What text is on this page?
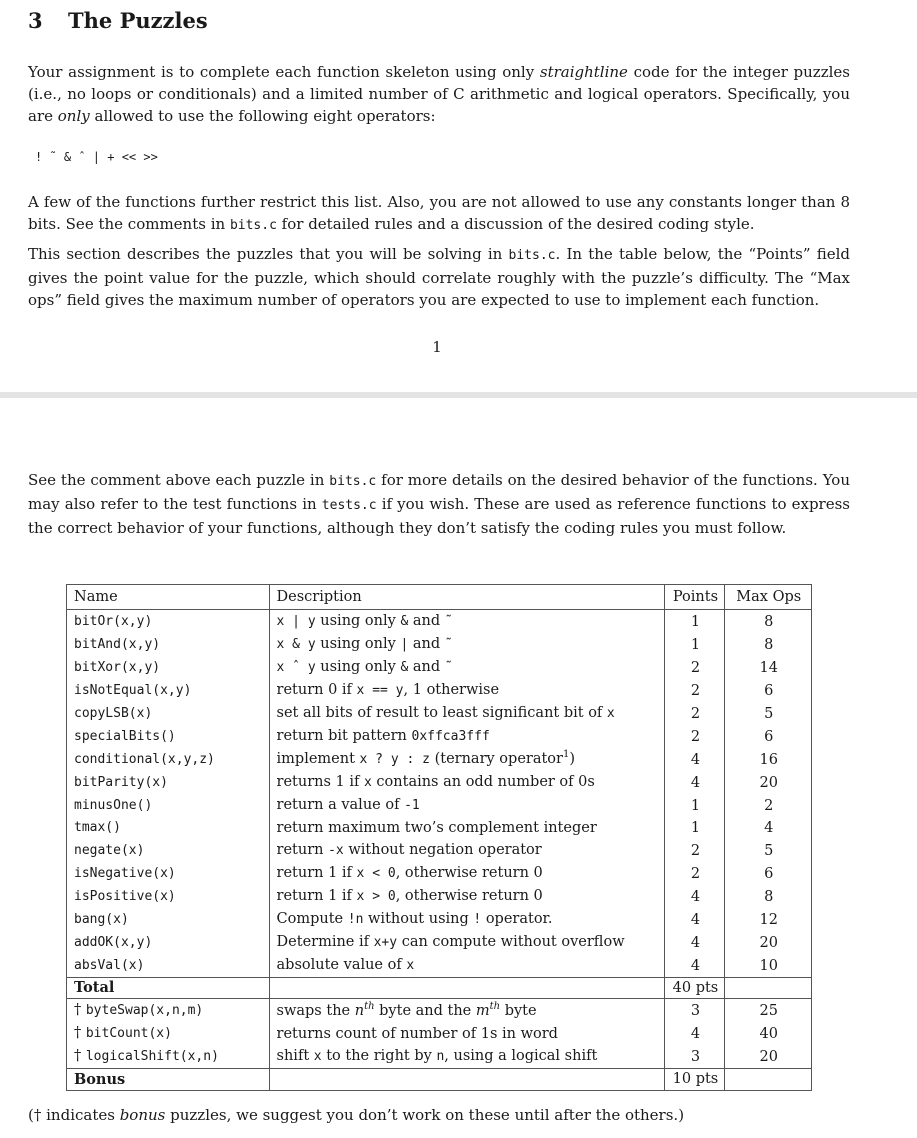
3 The Puzzles

Your assignment is to complete each function skeleton using only straightline code for the integer puzzles (i.e., no loops or conditionals) and a limited number of C arithmetic and logical operators. Specifically, you are only allowed to use the following eight operators:

! ˜ & ˆ | + << >>

A few of the functions further restrict this list. Also, you are not allowed to use any constants longer than 8 bits. See the comments in bits.c for detailed rules and a discussion of the desired coding style.

This section describes the puzzles that you will be solving in bits.c. In the table below, the “Points” field gives the point value for the puzzle, which should correlate roughly with the puzzle’s difficulty. The “Max ops” field gives the maximum number of operators you are expected to use to implement each function.

1

See the comment above each puzzle in bits.c for more details on the desired behavior of the functions. You may also refer to the test functions in tests.c if you wish. These are used as reference functions to express the correct behavior of your functions, although they don’t satisfy the coding rules you must follow.

Name	Description	Points	Max Ops
bitOr(x,y)	x | y using only & and ˜	1	8
bitAnd(x,y)	x & y using only | and ˜	1	8
bitXor(x,y)	x ˆ y using only & and ˜	2	14
isNotEqual(x,y)	return 0 if x == y, 1 otherwise	2	6
copyLSB(x)	set all bits of result to least significant bit of x	2	5
specialBits()	return bit pattern 0xffca3fff	2	6
conditional(x,y,z)	implement x ? y : z (ternary operator$^1$)	4	16
bitParity(x)	returns 1 if x contains an odd number of 0s	4	20
minusOne()	return a value of -1	1	2
tmax()	return maximum two’s complement integer	1	4
negate(x)	return -x without negation operator	2	5
isNegative(x)	return 1 if x < 0, otherwise return 0	2	6
isPositive(x)	return 1 if x > 0, otherwise return 0	4	8
bang(x)	Compute !n without using ! operator.	4	12
addOK(x,y)	Determine if x+y can compute without overflow	4	20
absVal(x)	absolute value of x	4	10
Total		40 pts	
† byteSwap(x,n,m)	swaps the $n^{th}$ byte and the $m^{th}$ byte	3	25
† bitCount(x)	returns count of number of 1s in word	4	40
† logicalShift(x,n)	shift x to the right by n, using a logical shift	3	20
Bonus		10 pts	

(† indicates bonus puzzles, we suggest you don’t work on these until after the others.)
